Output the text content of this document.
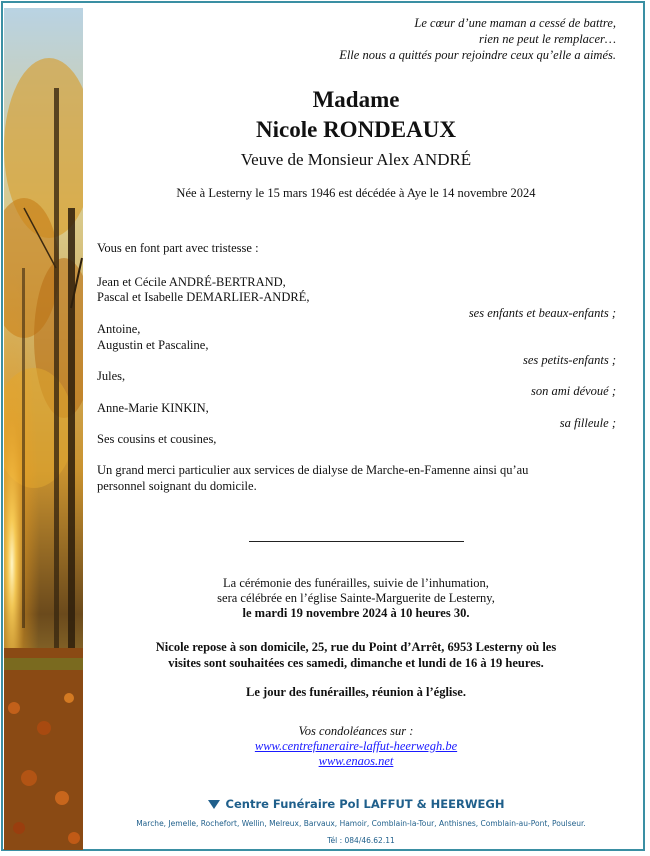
Le cœur d’une maman a cessé de battre,
rien ne peut le remplacer…
Elle nous a quittés pour rejoindre ceux qu’elle a aimés.
Madame
Nicole RONDEAUX
Veuve de Monsieur Alex ANDRÉ
Née à Lesterny le 15 mars 1946 est décédée à Aye le 14 novembre 2024
Vous en font part avec tristesse :
Jean et Cécile ANDRÉ-BERTRAND,
Pascal et Isabelle DEMARLIER-ANDRÉ,
ses enfants et beaux-enfants ;
Antoine,
Augustin et Pascaline,
ses petits-enfants ;
Jules,
son ami dévoué ;
Anne-Marie KINKIN,
sa filleule ;
Ses cousins et cousines,
Un grand merci particulier aux services de dialyse de Marche-en-Famenne ainsi qu’au
personnel soignant du domicile.
La cérémonie des funérailles, suivie de l’inhumation,
sera célébrée en l’église Sainte-Marguerite de Lesterny,
le mardi 19 novembre 2024 à 10 heures 30.
Nicole repose à son domicile, 25, rue du Point d’Arrêt, 6953 Lesterny où les
visites sont souhaitées ces samedi, dimanche et lundi de 16 à 19 heures.
Le jour des funérailles, réunion à l’église.
Vos condoléances sur :
www.centrefuneraire-laffut-heerwegh.be
www.enaos.net
Centre Funéraire Pol LAFFUT & HEERWEGH
Marche, Jemelle, Rochefort, Wellin, Melreux, Barvaux, Hamoir, Comblain-la-Tour, Anthisnes, Comblain-au-Pont, Poulseur.
Tél : 084/46.62.11
